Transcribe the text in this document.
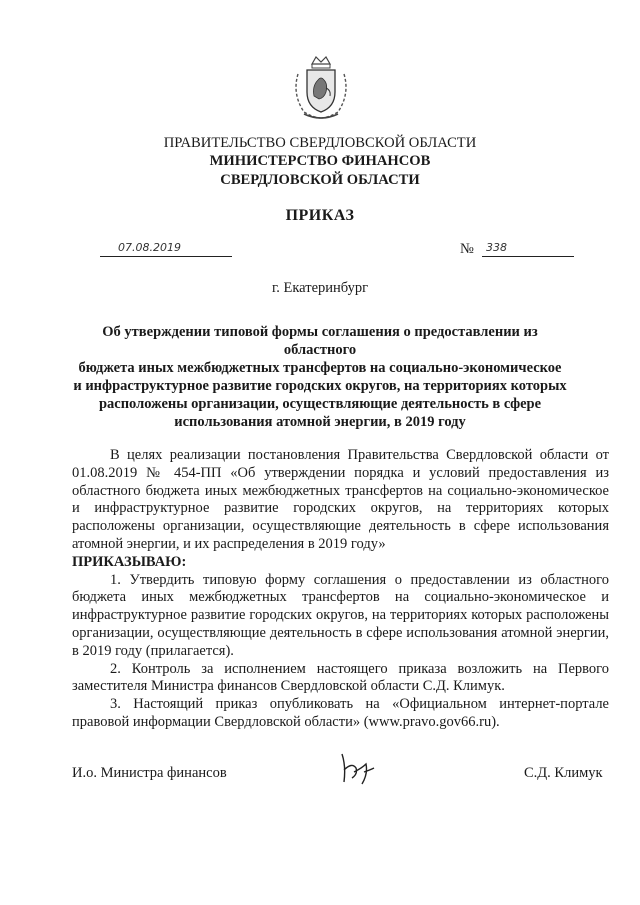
ПРАВИТЕЛЬСТВО СВЕРДЛОВСКОЙ ОБЛАСТИ
МИНИСТЕРСТВО ФИНАНСОВ
СВЕРДЛОВСКОЙ ОБЛАСТИ
ПРИКАЗ
07.08.2019	№ 338
г. Екатеринбург
Об утверждении типовой формы соглашения о предоставлении из областного
бюджета иных межбюджетных трансфертов на социально-экономическое
и инфраструктурное развитие городских округов, на территориях которых
расположены организации, осуществляющие деятельность в сфере
использования атомной энергии, в 2019 году

В целях реализации постановления Правительства Свердловской области от 01.08.2019 № 454-ПП «Об утверждении порядка и условий предоставления из областного бюджета иных межбюджетных трансфертов на социально-экономическое и инфраструктурное развитие городских округов, на территориях которых расположены организации, осуществляющие деятельность в сфере использования атомной энергии, и их распределения в 2019 году»

ПРИКАЗЫВАЮ:

1. Утвердить типовую форму соглашения о предоставлении из областного бюджета иных межбюджетных трансфертов на социально-экономическое и инфраструктурное развитие городских округов, на территориях которых расположены организации, осуществляющие деятельность в сфере использования атомной энергии, в 2019 году (прилагается).

2. Контроль за исполнением настоящего приказа возложить на Первого заместителя Министра финансов Свердловской области С.Д. Климук.

3. Настоящий приказ опубликовать на «Официальном интернет-портале правовой информации Свердловской области» (www.pravo.gov66.ru).

И.о. Министра финансов	С.Д. Климук
